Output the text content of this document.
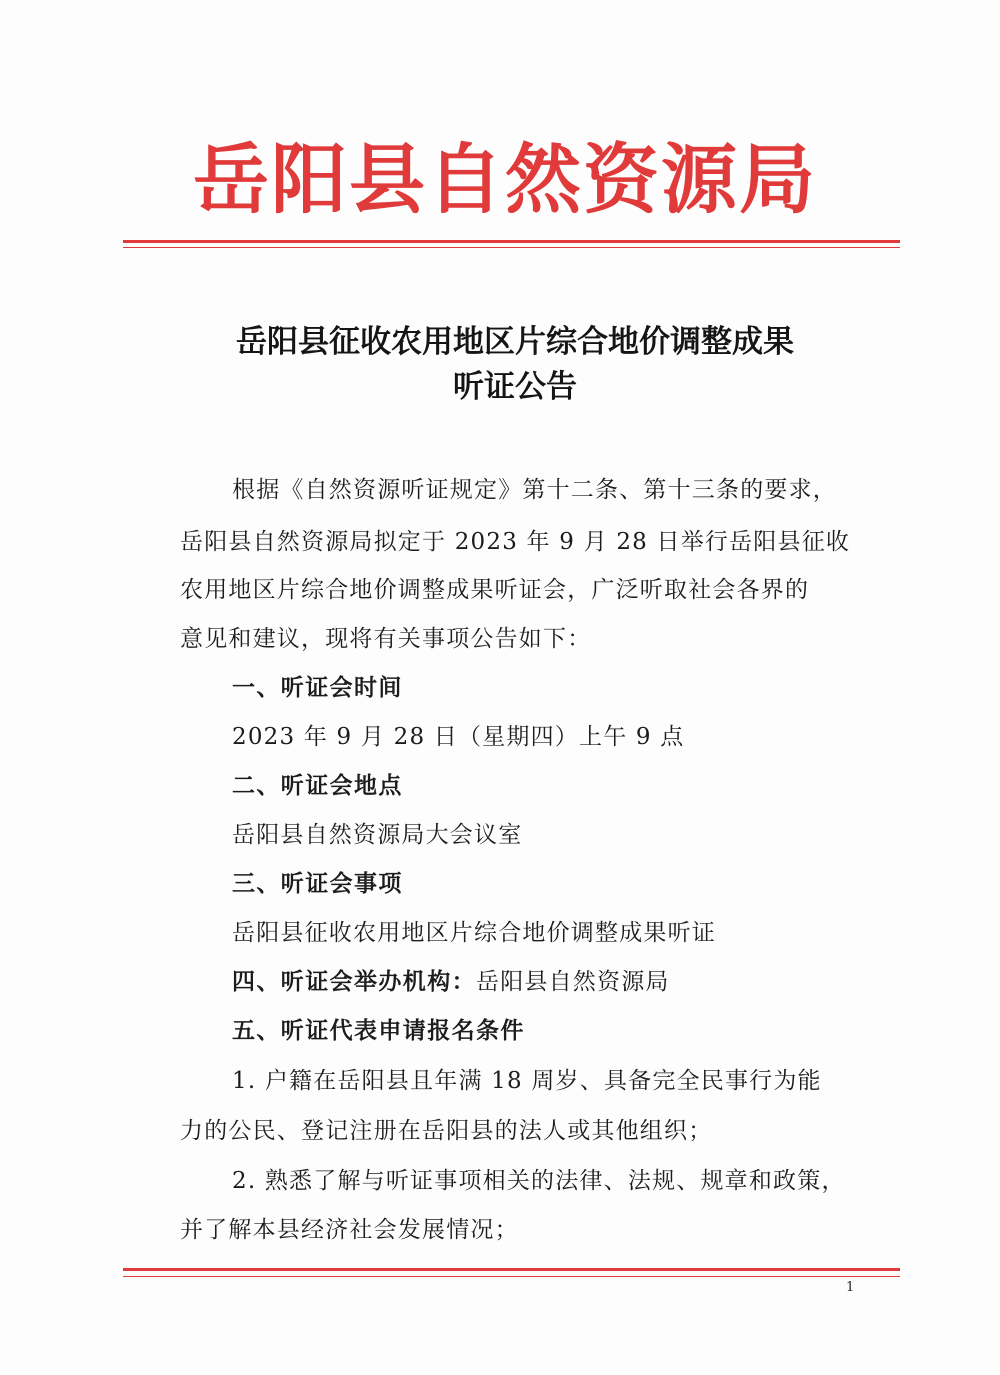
岳阳县自然资源局
岳阳县征收农用地区片综合地价调整成果
听证公告
根据《自然资源听证规定》第十二条、第十三条的要求，
岳阳县自然资源局拟定于 2023 年 9 月 28 日举行岳阳县征收
农用地区片综合地价调整成果听证会，广泛听取社会各界的
意见和建议，现将有关事项公告如下：
一、听证会时间
2023 年 9 月 28 日（星期四）上午 9 点
二、听证会地点
岳阳县自然资源局大会议室
三、听证会事项
岳阳县征收农用地区片综合地价调整成果听证
四、听证会举办机构：岳阳县自然资源局
五、听证代表申请报名条件
1. 户籍在岳阳县且年满 18 周岁、具备完全民事行为能
力的公民、登记注册在岳阳县的法人或其他组织；
2. 熟悉了解与听证事项相关的法律、法规、规章和政策，
并了解本县经济社会发展情况；
1
